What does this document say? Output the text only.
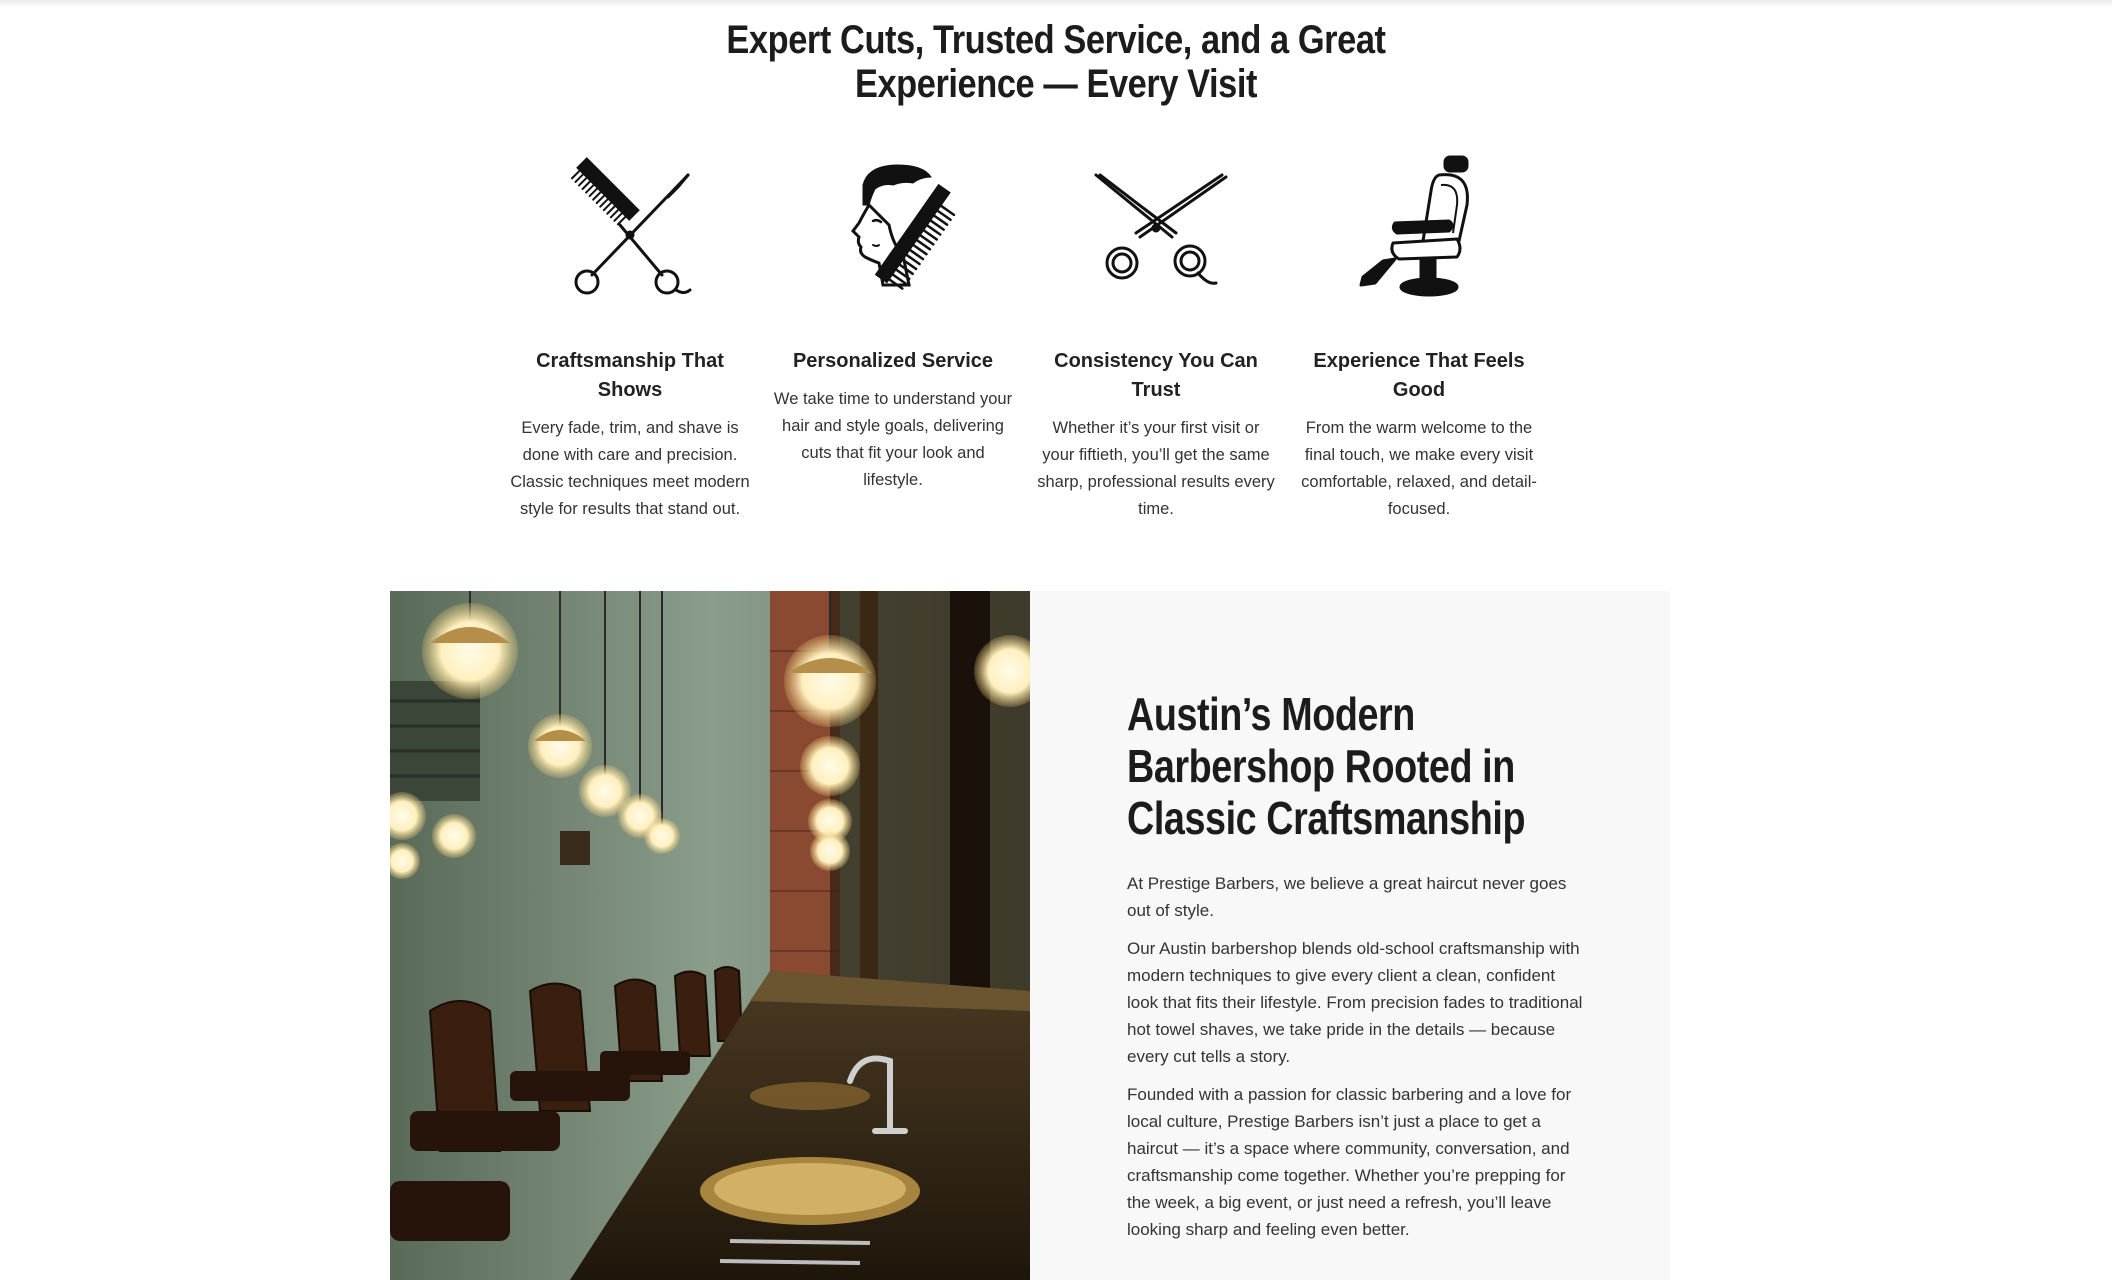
Expert Cuts, Trusted Service, and a Great
Experience — Every Visit
Craftsmanship That Shows
Every fade, trim, and shave is done with care and precision. Classic techniques meet modern style for results that stand out.
Personalized Service
We take time to understand your hair and style goals, delivering cuts that fit your look and lifestyle.
Consistency You Can Trust
Whether it’s your first visit or your fiftieth, you’ll get the same sharp, professional results every time.
Experience That Feels Good
From the warm welcome to the final touch, we make every visit comfortable, relaxed, and detail-focused.
Austin’s Modern
Barbershop Rooted in
Classic Craftsmanship

At Prestige Barbers, we believe a great haircut never goes out of style.

Our Austin barbershop blends old-school craftsmanship with modern techniques to give every client a clean, confident look that fits their lifestyle. From precision fades to traditional hot towel shaves, we take pride in the details — because every cut tells a story.

Founded with a passion for classic barbering and a love for local culture, Prestige Barbers isn’t just a place to get a haircut — it’s a space where community, conversation, and craftsmanship come together. Whether you’re prepping for the week, a big event, or just need a refresh, you’ll leave looking sharp and feeling even better.
